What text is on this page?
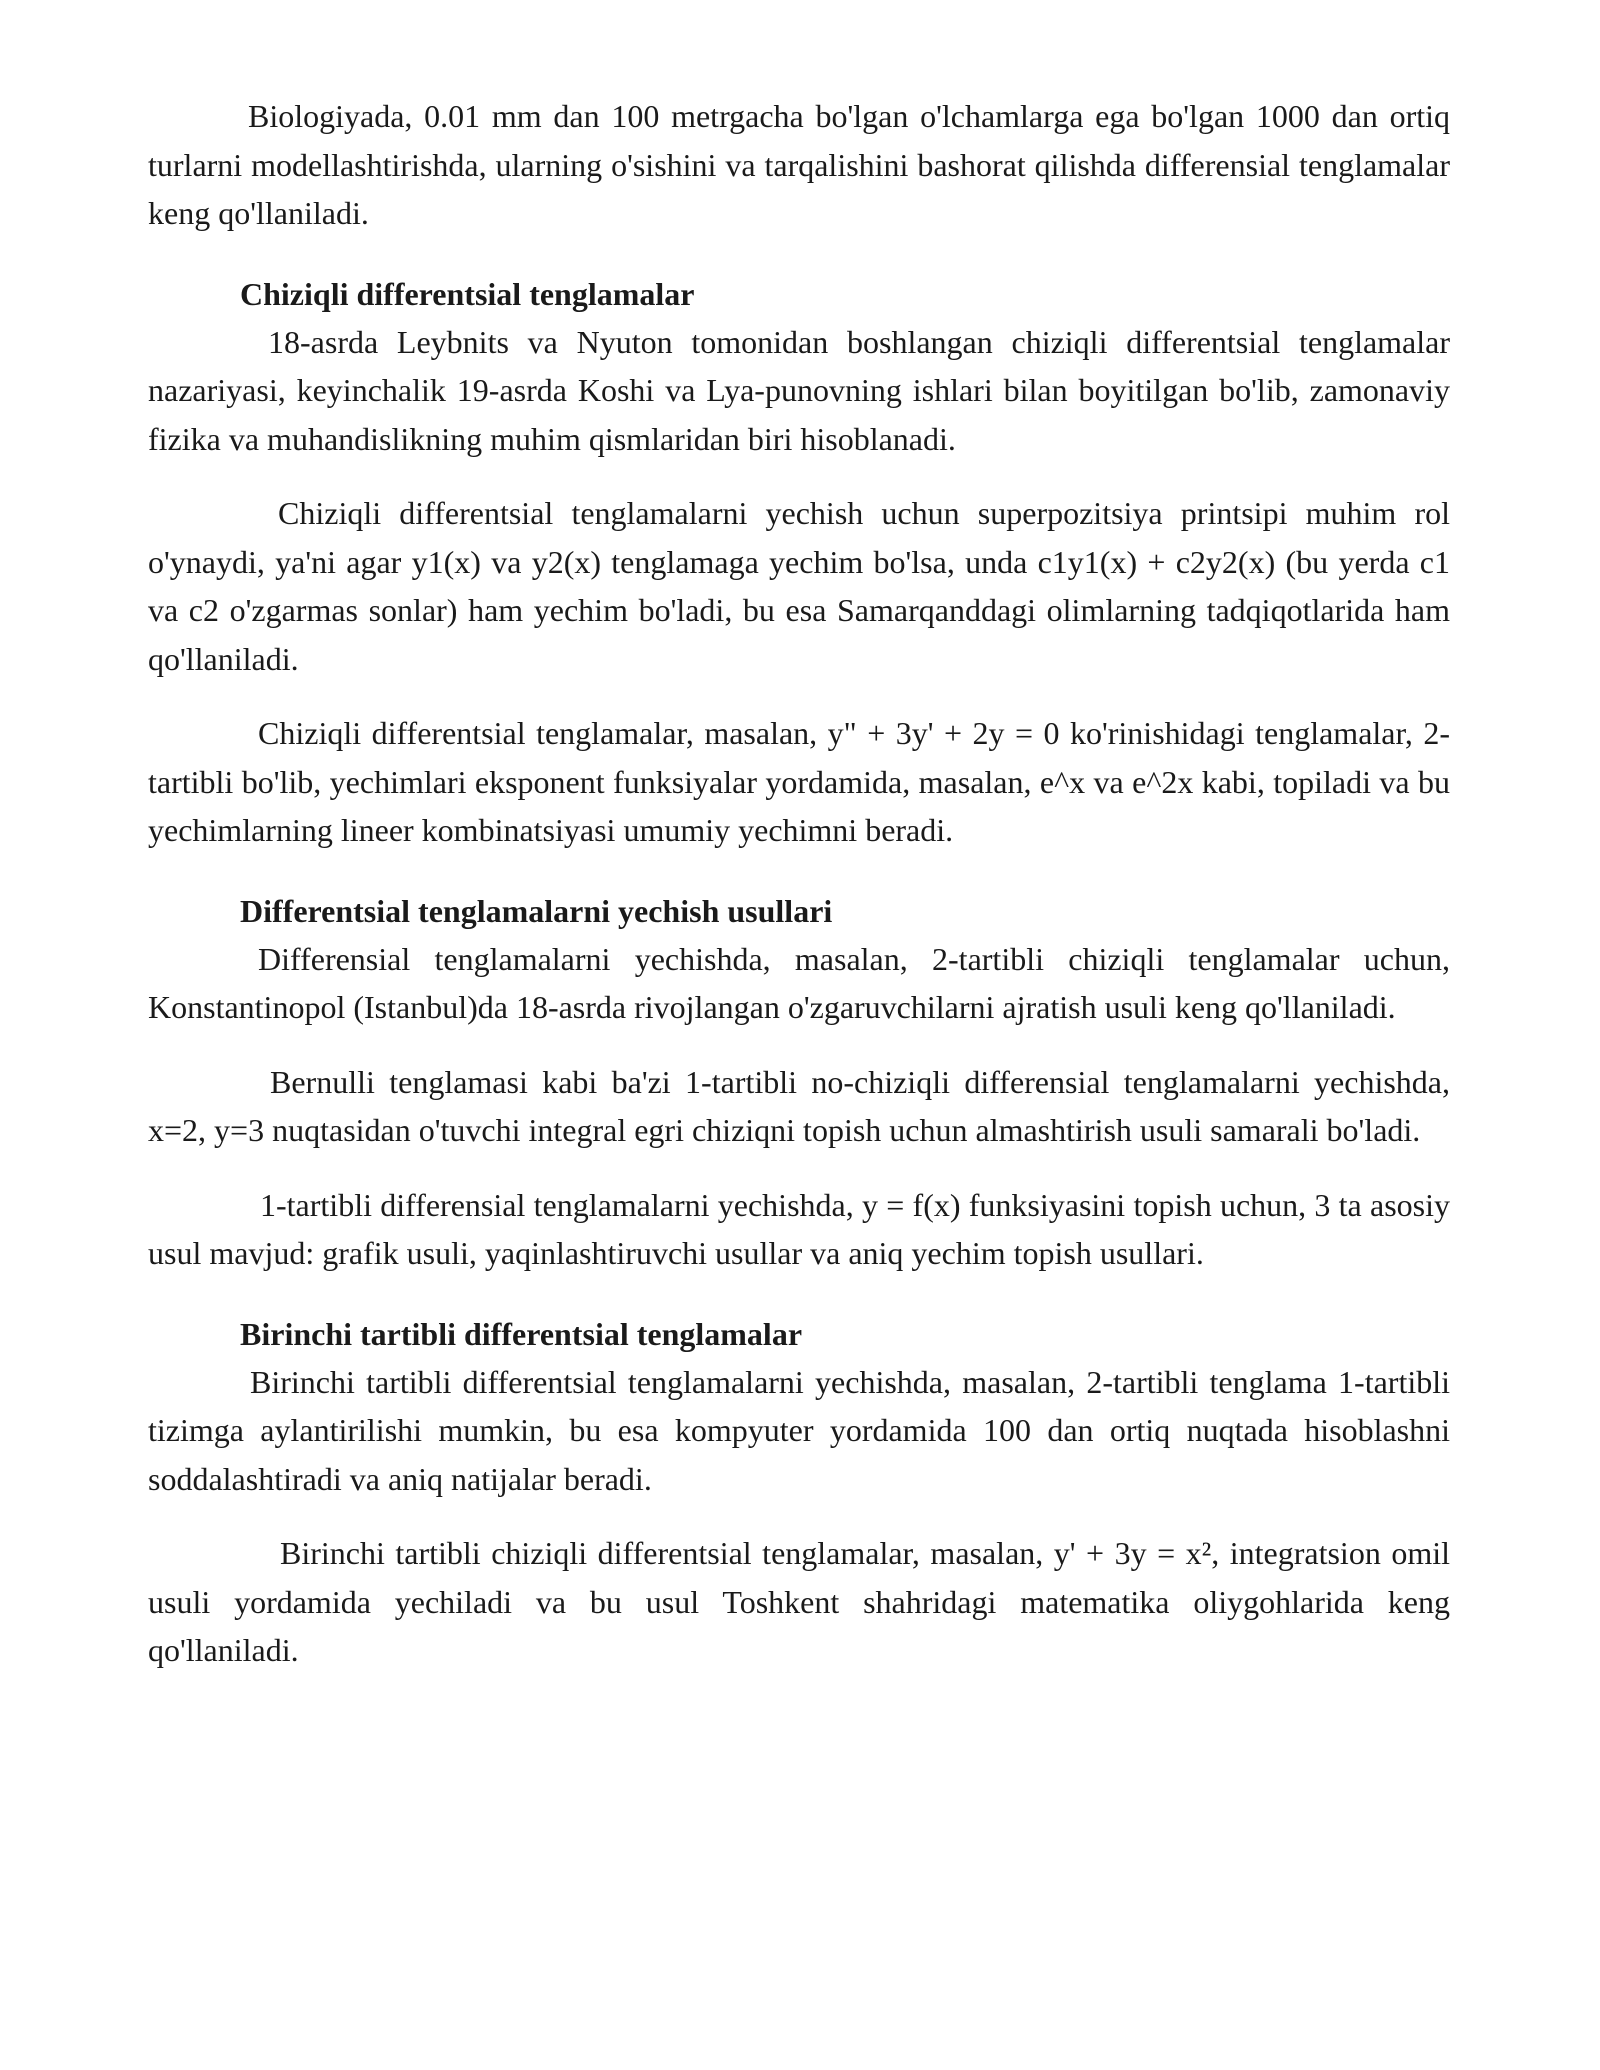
Biologiyada, 0.01 mm dan 100 metrgacha bo'lgan o'lchamlarga ega bo'lgan 1000 dan ortiq turlarni modellashtirishda, ularning o'sishini va tarqalishini bashorat qilishda differensial tenglamalar keng qo'llaniladi.

Chiziqli differentsial tenglamalar

18-asrda Leybnits va Nyuton tomonidan boshlangan chiziqli differentsial tenglamalar nazariyasi, keyinchalik 19-asrda Koshi va Lya-punovning ishlari bilan boyitilgan bo'lib, zamonaviy fizika va muhandislikning muhim qismlaridan biri hisoblanadi.

Chiziqli differentsial tenglamalarni yechish uchun superpozitsiya printsipi muhim rol o'ynaydi, ya'ni agar y1(x) va y2(x) tenglamaga yechim bo'lsa, unda c1y1(x) + c2y2(x) (bu yerda c1 va c2 o'zgarmas sonlar) ham yechim bo'ladi, bu esa Samarqanddagi olimlarning tadqiqotlarida ham qo'llaniladi.

Chiziqli differentsial tenglamalar, masalan, y" + 3y' + 2y = 0 ko'rinishidagi tenglamalar, 2-tartibli bo'lib, yechimlari eksponent funksiyalar yordamida, masalan, e^x va e^2x kabi, topiladi va bu yechimlarning lineer kombinatsiyasi umumiy yechimni beradi.

Differentsial tenglamalarni yechish usullari

Differensial tenglamalarni yechishda, masalan, 2-tartibli chiziqli tenglamalar uchun, Konstantinopol (Istanbul)da 18-asrda rivojlangan o'zgaruvchilarni ajratish usuli keng qo'llaniladi.

Bernulli tenglamasi kabi ba'zi 1-tartibli no-chiziqli differensial tenglamalarni yechishda, x=2, y=3 nuqtasidan o'tuvchi integral egri chiziqni topish uchun almashtirish usuli samarali bo'ladi.

1-tartibli differensial tenglamalarni yechishda, y = f(x) funksiyasini topish uchun, 3 ta asosiy usul mavjud: grafik usuli, yaqinlashtiruvchi usullar va aniq yechim topish usullari.

Birinchi tartibli differentsial tenglamalar

Birinchi tartibli differentsial tenglamalarni yechishda, masalan, 2-tartibli tenglama 1-tartibli tizimga aylantirilishi mumkin, bu esa kompyuter yordamida 100 dan ortiq nuqtada hisoblashni soddalashtiradi va aniq natijalar beradi.

Birinchi tartibli chiziqli differentsial tenglamalar, masalan, y' + 3y = x², integratsion omil usuli yordamida yechiladi va bu usul Toshkent shahridagi matematika oliygohlarida keng qo'llaniladi.
